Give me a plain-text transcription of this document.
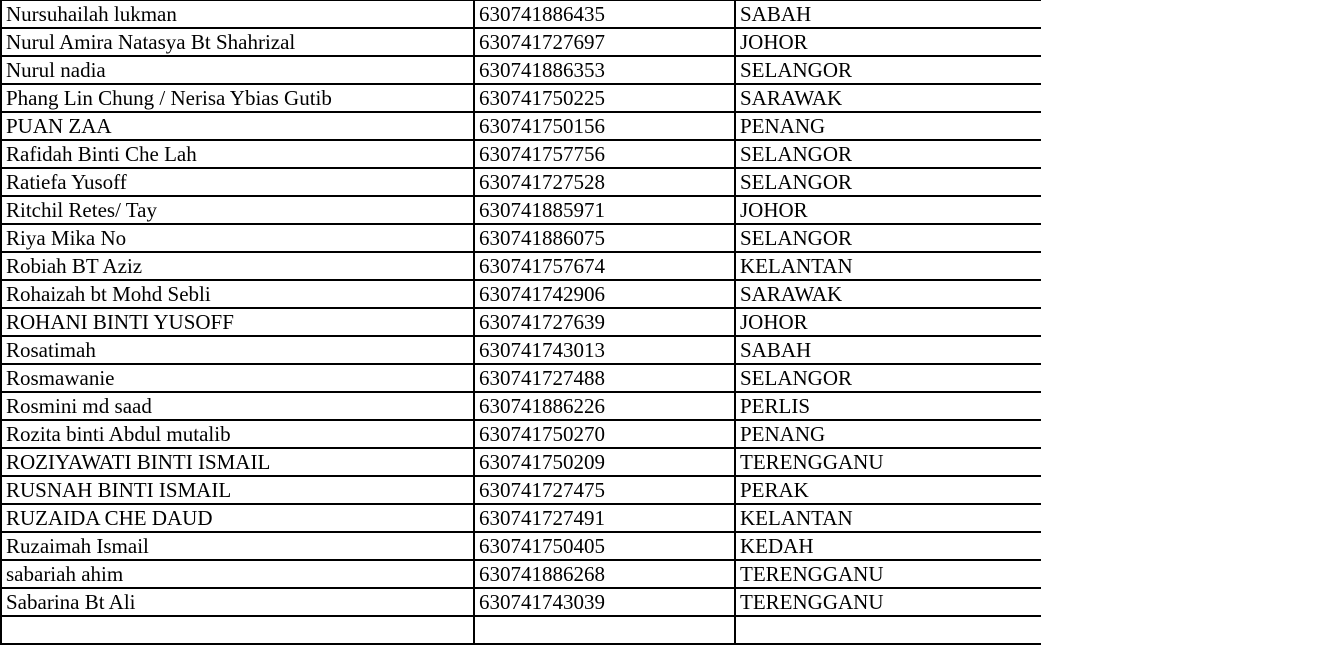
Nursuhailah lukman	630741886435	SABAH
Nurul Amira Natasya Bt Shahrizal	630741727697	JOHOR
Nurul nadia	630741886353	SELANGOR
Phang Lin Chung / Nerisa Ybias Gutib	630741750225	SARAWAK
PUAN ZAA	630741750156	PENANG
Rafidah Binti Che Lah	630741757756	SELANGOR
Ratiefa Yusoff	630741727528	SELANGOR
Ritchil Retes/ Tay	630741885971	JOHOR
Riya Mika No	630741886075	SELANGOR
Robiah BT Aziz	630741757674	KELANTAN
Rohaizah bt Mohd Sebli	630741742906	SARAWAK
ROHANI BINTI YUSOFF	630741727639	JOHOR
Rosatimah	630741743013	SABAH
Rosmawanie	630741727488	SELANGOR
Rosmini md saad	630741886226	PERLIS
Rozita binti Abdul mutalib	630741750270	PENANG
ROZIYAWATI BINTI ISMAIL	630741750209	TERENGGANU
RUSNAH BINTI ISMAIL	630741727475	PERAK
RUZAIDA CHE DAUD	630741727491	KELANTAN
Ruzaimah Ismail	630741750405	KEDAH
sabariah ahim	630741886268	TERENGGANU
Sabarina Bt Ali	630741743039	TERENGGANU
